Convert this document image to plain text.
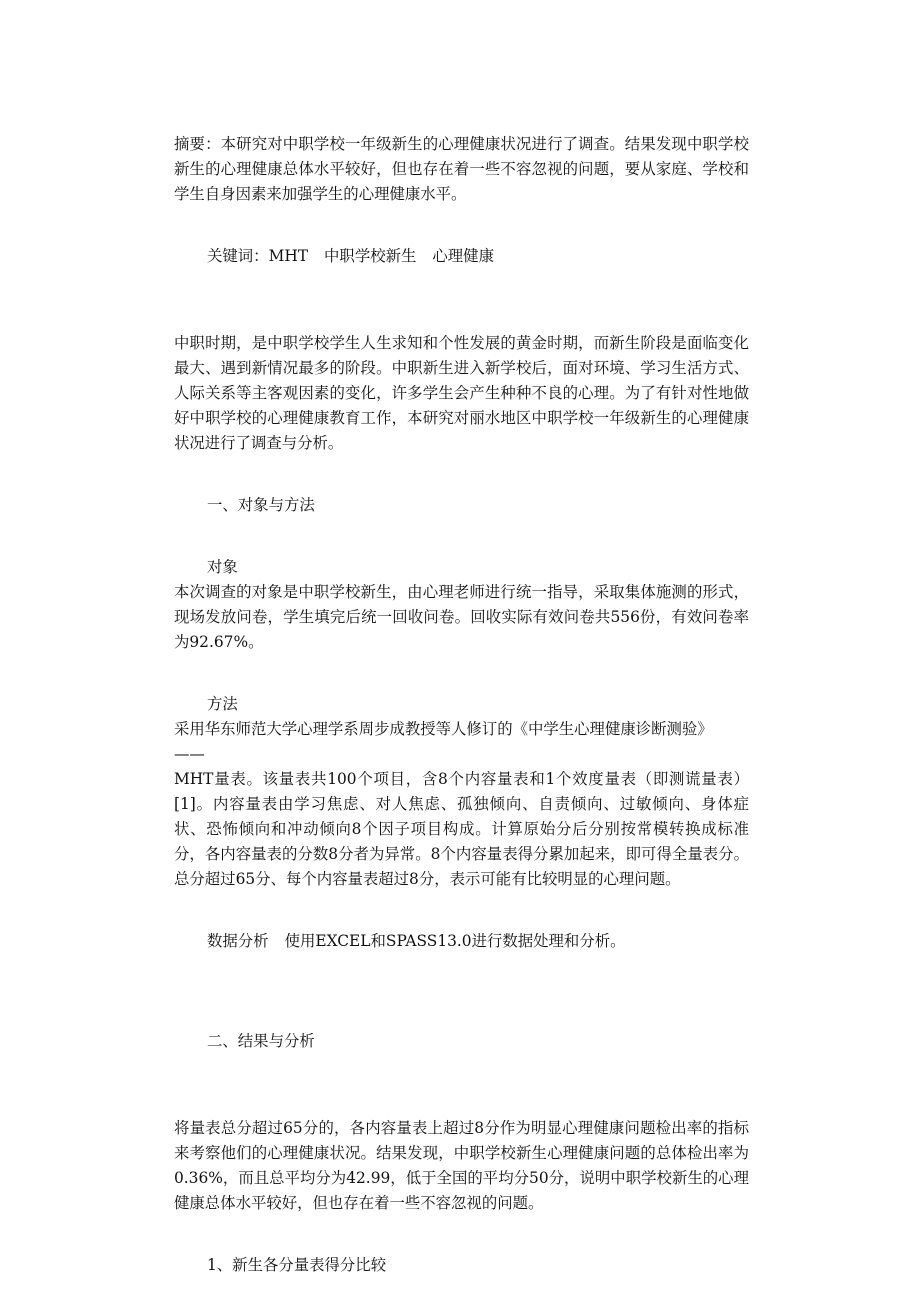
摘要：本研究对中职学校一年级新生的心理健康状况进行了调查。结果发现中职学校新生的心理健康总体水平较好，但也存在着一些不容忽视的问题，要从家庭、学校和学生自身因素来加强学生的心理健康水平。

关键词：MHT 中职学校新生 心理健康

中职时期，是中职学校学生人生求知和个性发展的黄金时期，而新生阶段是面临变化最大、遇到新情况最多的阶段。中职新生进入新学校后，面对环境、学习生活方式、人际关系等主客观因素的变化，许多学生会产生种种不良的心理。为了有针对性地做好中职学校的心理健康教育工作，本研究对丽水地区中职学校一年级新生的心理健康状况进行了调查与分析。

一、对象与方法

对象

本次调查的对象是中职学校新生，由心理老师进行统一指导，采取集体施测的形式，现场发放问卷，学生填完后统一回收问卷。回收实际有效问卷共556份，有效问卷率为92.67%。

方法

采用华东师范大学心理学系周步成教授等人修订的《中学生心理健康诊断测验》

——

MHT量表。该量表共100个项目，含8个内容量表和1个效度量表（即测谎量表）[1]。内容量表由学习焦虑、对人焦虑、孤独倾向、自责倾向、过敏倾向、身体症状、恐怖倾向和冲动倾向8个因子项目构成。计算原始分后分别按常模转换成标准分，各内容量表的分数8分者为异常。8个内容量表得分累加起来，即可得全量表分。总分超过65分、每个内容量表超过8分，表示可能有比较明显的心理问题。

数据分析 使用EXCEL和SPASS13.0进行数据处理和分析。

二、结果与分析

将量表总分超过65分的，各内容量表上超过8分作为明显心理健康问题检出率的指标来考察他们的心理健康状况。结果发现，中职学校新生心理健康问题的总体检出率为0.36%，而且总平均分为42.99，低于全国的平均分50分，说明中职学校新生的心理健康总体水平较好，但也存在着一些不容忽视的问题。

1、新生各分量表得分比较
